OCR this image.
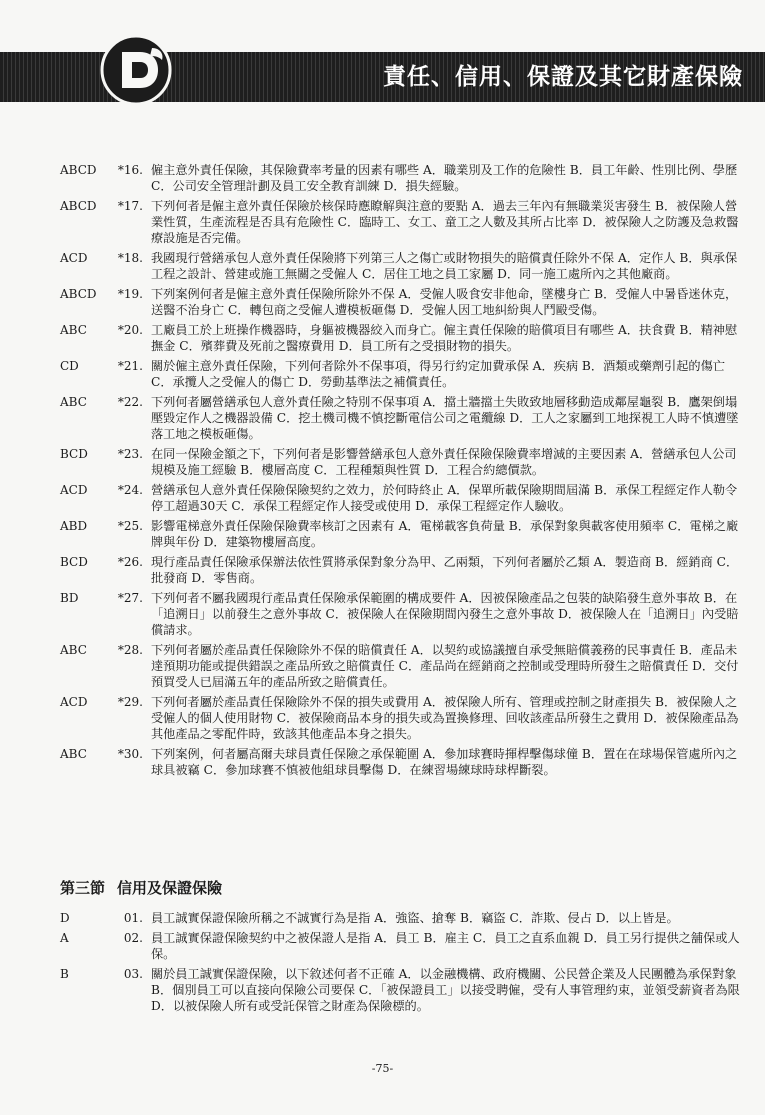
責任、信用、保證及其它財產保險
ABCD	*16. 僱主意外責任保險，其保險費率考量的因素有哪些 A．職業別及工作的危險性 B．員工年齡、性別比例、學歷 C．公司安全管理計劃及員工安全教育訓練 D．損失經驗。
ABCD	*17. 下列何者是僱主意外責任保險於核保時應瞭解與注意的要點 A．過去三年內有無職業災害發生 B．被保險人營業性質，生產流程是否具有危險性 C．臨時工、女工、童工之人數及其所占比率 D．被保險人之防護及急救醫療設施是否完備。
ACD	*18. 我國現行營繕承包人意外責任保險將下列第三人之傷亡或財物損失的賠償責任除外不保 A．定作人 B．與承保工程之設計、營建或施工無關之受僱人 C．居住工地之員工家屬 D．同一施工處所內之其他廠商。
ABCD	*19. 下列案例何者是僱主意外責任保險所除外不保 A．受僱人吸食安非他命，墜樓身亡 B．受僱人中暑昏迷休克，送醫不治身亡 C．轉包商之受僱人遭模板砸傷 D．受僱人因工地糾紛與人鬥毆受傷。
ABC	*20. 工廠員工於上班操作機器時，身軀被機器絞入而身亡。僱主責任保險的賠償項目有哪些 A．扶食費 B．精神慰撫金 C．殯葬費及死前之醫療費用 D．員工所有之受損財物的損失。
CD	*21. 關於僱主意外責任保險，下列何者除外不保事項，得另行約定加費承保 A．疾病 B．酒類或藥劑引起的傷亡 C．承攬人之受僱人的傷亡 D．勞動基準法之補償責任。
ABC	*22. 下列何者屬營繕承包人意外責任險之特別不保事項 A．擋土牆擋土失敗致地層移動造成鄰屋龜裂 B．鷹架倒塌壓毀定作人之機器設備 C．挖土機司機不慎挖斷電信公司之電纜線 D．工人之家屬到工地探視工人時不慎遭墜落工地之模板砸傷。
BCD	*23. 在同一保險金額之下，下列何者是影響營繕承包人意外責任保險保險費率增減的主要因素 A．營繕承包人公司規模及施工經驗 B．樓層高度 C．工程種類與性質 D．工程合約總價款。
ACD	*24. 營繕承包人意外責任保險保險契約之效力，於何時終止 A．保單所載保險期間屆滿 B．承保工程經定作人勒令停工超過30天 C．承保工程經定作人接受或使用 D．承保工程經定作人驗收。
ABD	*25. 影響電梯意外責任保險保險費率核訂之因素有 A．電梯載客負荷量 B．承保對象與載客使用頻率 C．電梯之廠牌與年份 D．建築物樓層高度。
BCD	*26. 現行產品責任保險承保辦法依性質將承保對象分為甲、乙兩類，下列何者屬於乙類 A．製造商 B．經銷商 C．批發商 D．零售商。
BD	*27. 下列何者不屬我國現行產品責任保險承保範圍的構成要件 A．因被保險產品之包裝的缺陷發生意外事故 B．在「追溯日」以前發生之意外事故 C．被保險人在保險期間內發生之意外事故 D．被保險人在「追溯日」內受賠償請求。
ABC	*28. 下列何者屬於產品責任保險除外不保的賠償責任 A．以契約或協議擅自承受無賠償義務的民事責任 B．產品未達預期功能或提供錯誤之產品所致之賠償責任 C．產品尚在經銷商之控制或受理時所發生之賠償責任 D．交付預買受人已屆滿五年的產品所致之賠償責任。
ACD	*29. 下列何者屬於產品責任保險除外不保的損失或費用 A．被保險人所有、管理或控制之財產損失 B．被保險人之受僱人的個人使用財物 C．被保險商品本身的損失或為置換修理、回收該產品所發生之費用 D．被保險產品為其他產品之零配件時，致該其他產品本身之損失。
ABC	*30. 下列案例，何者屬高爾夫球員責任保險之承保範圍 A．參加球賽時揮桿擊傷球僮 B．置在在球場保管處所內之球具被竊 C．參加球賽不慎被他組球員擊傷 D．在練習場練球時球桿斷裂。
第三節 信用及保證保險
D	01. 員工誠實保證保險所稱之不誠實行為是指 A．強盜、搶奪 B．竊盜 C．詐欺、侵占 D．以上皆是。
A	02. 員工誠實保證保險契約中之被保證人是指 A．員工 B．雇主 C．員工之直系血親 D．員工另行提供之舖保或人保。
B	03. 關於員工誠實保證保險，以下敘述何者不正確 A．以金融機構、政府機關、公民營企業及人民團體為承保對象 B．個別員工可以直接向保險公司要保 C．「被保證員工」以接受聘僱，受有人事管理約束，並領受薪資者為限 D．以被保險人所有或受託保管之財產為保險標的。
-75-
